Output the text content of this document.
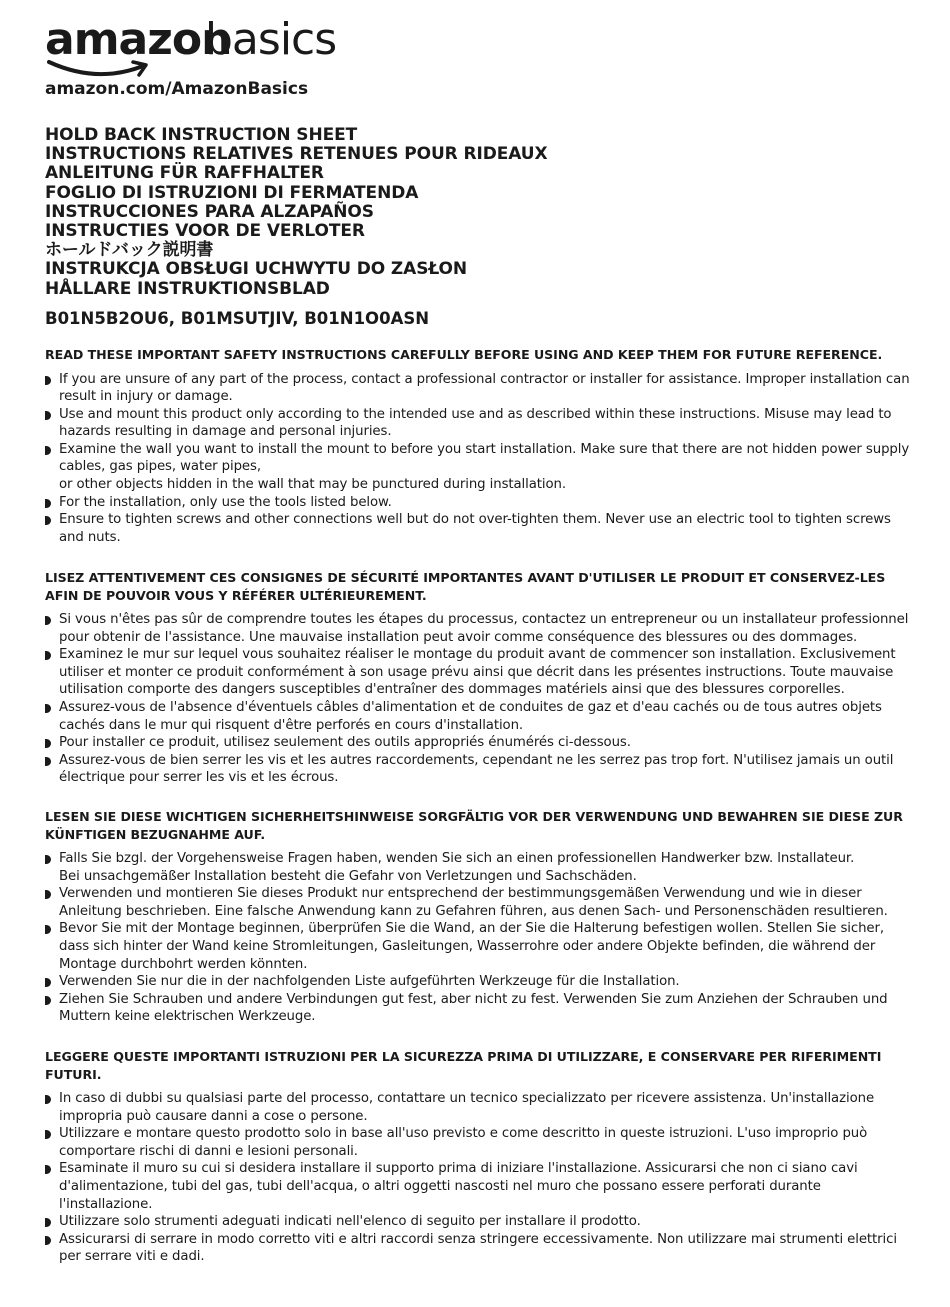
amazon
basics
amazon.com/AmazonBasics
HOLD BACK INSTRUCTION SHEET
INSTRUCTIONS RELATIVES RETENUES POUR RIDEAUX
ANLEITUNG FÜR RAFFHALTER
FOGLIO DI ISTRUZIONI DI FERMATENDA
INSTRUCCIONES PARA ALZAPAÑOS
INSTRUCTIES VOOR DE VERLOTER
ホールドバック説明書
INSTRUKCJA OBSŁUGI UCHWYTU DO ZASŁON
HÅLLARE INSTRUKTIONSBLAD
B01N5B2OU6, B01MSUTJIV, B01N1O0ASN
READ THESE IMPORTANT SAFETY INSTRUCTIONS CAREFULLY BEFORE USING AND KEEP THEM FOR FUTURE REFERENCE.
If you are unsure of any part of the process, contact a professional contractor or installer for assistance. Improper installation can result in injury or damage.
Use and mount this product only according to the intended use and as described within these instructions. Misuse may lead to hazards resulting in damage and personal injuries.
Examine the wall you want to install the mount to before you start installation. Make sure that there are not hidden power supply cables, gas pipes, water pipes,
or other objects hidden in the wall that may be punctured during installation.
For the installation, only use the tools listed below.
Ensure to tighten screws and other connections well but do not over-tighten them. Never use an electric tool to tighten screws and nuts.
LISEZ ATTENTIVEMENT CES CONSIGNES DE SÉCURITÉ IMPORTANTES AVANT D'UTILISER LE PRODUIT ET CONSERVEZ-LES AFIN DE POUVOIR VOUS Y RÉFÉRER ULTÉRIEUREMENT.
Si vous n'êtes pas sûr de comprendre toutes les étapes du processus, contactez un entrepreneur ou un installateur professionnel pour obtenir de l'assistance. Une mauvaise installation peut avoir comme conséquence des blessures ou des dommages.
Examinez le mur sur lequel vous souhaitez réaliser le montage du produit avant de commencer son installation. Exclusivement utiliser et monter ce produit conformément à son usage prévu ainsi que décrit dans les présentes instructions. Toute mauvaise utilisation comporte des dangers susceptibles d'entraîner des dommages matériels ainsi que des blessures corporelles.
Assurez-vous de l'absence d'éventuels câbles d'alimentation et de conduites de gaz et d'eau cachés ou de tous autres objets cachés dans le mur qui risquent d'être perforés en cours d'installation.
Pour installer ce produit, utilisez seulement des outils appropriés énumérés ci-dessous.
Assurez-vous de bien serrer les vis et les autres raccordements, cependant ne les serrez pas trop fort. N'utilisez jamais un outil électrique pour serrer les vis et les écrous.
LESEN SIE DIESE WICHTIGEN SICHERHEITSHINWEISE SORGFÄLTIG VOR DER VERWENDUNG UND BEWAHREN SIE DIESE ZUR KÜNFTIGEN BEZUGNAHME AUF.
Falls Sie bzgl. der Vorgehensweise Fragen haben, wenden Sie sich an einen professionellen Handwerker bzw. lnstallateur.
Bei unsachgemäßer Installation besteht die Gefahr von Verletzungen und Sachschäden.
Verwenden und montieren Sie dieses Produkt nur entsprechend der bestimmungsgemäßen Verwendung und wie in dieser Anleitung beschrieben. Eine falsche Anwendung kann zu Gefahren führen, aus denen Sach- und Personenschäden resultieren.
Bevor Sie mit der Montage beginnen, überprüfen Sie die Wand, an der Sie die Halterung befestigen wollen. Stellen Sie sicher, dass sich hinter der Wand keine Stromleitungen, Gasleitungen, Wasserrohre oder andere Objekte befinden, die während der Montage durchbohrt werden könnten.
Verwenden Sie nur die in der nachfolgenden Liste aufgeführten Werkzeuge für die Installation.
Ziehen Sie Schrauben und andere Verbindungen gut fest, aber nicht zu fest. Verwenden Sie zum Anziehen der Schrauben und Muttern keine elektrischen Werkzeuge.
LEGGERE QUESTE IMPORTANTI ISTRUZIONI PER LA SICUREZZA PRIMA DI UTILIZZARE, E CONSERVARE PER RIFERIMENTI FUTURI.
In caso di dubbi su qualsiasi parte del processo, contattare un tecnico specializzato per ricevere assistenza. Un'installazione impropria può causare danni a cose o persone.
Utilizzare e montare questo prodotto solo in base all'uso previsto e come descritto in queste istruzioni. L'uso improprio può comportare rischi di danni e lesioni personali.
Esaminate il muro su cui si desidera installare il supporto prima di iniziare l'installazione. Assicurarsi che non ci siano cavi d'alimentazione, tubi del gas, tubi dell'acqua, o altri oggetti nascosti nel muro che possano essere perforati durante l'installazione.
Utilizzare solo strumenti adeguati indicati nell'elenco di seguito per installare il prodotto.
Assicurarsi di serrare in modo corretto viti e altri raccordi senza stringere eccessivamente. Non utilizzare mai strumenti elettrici per serrare viti e dadi.
